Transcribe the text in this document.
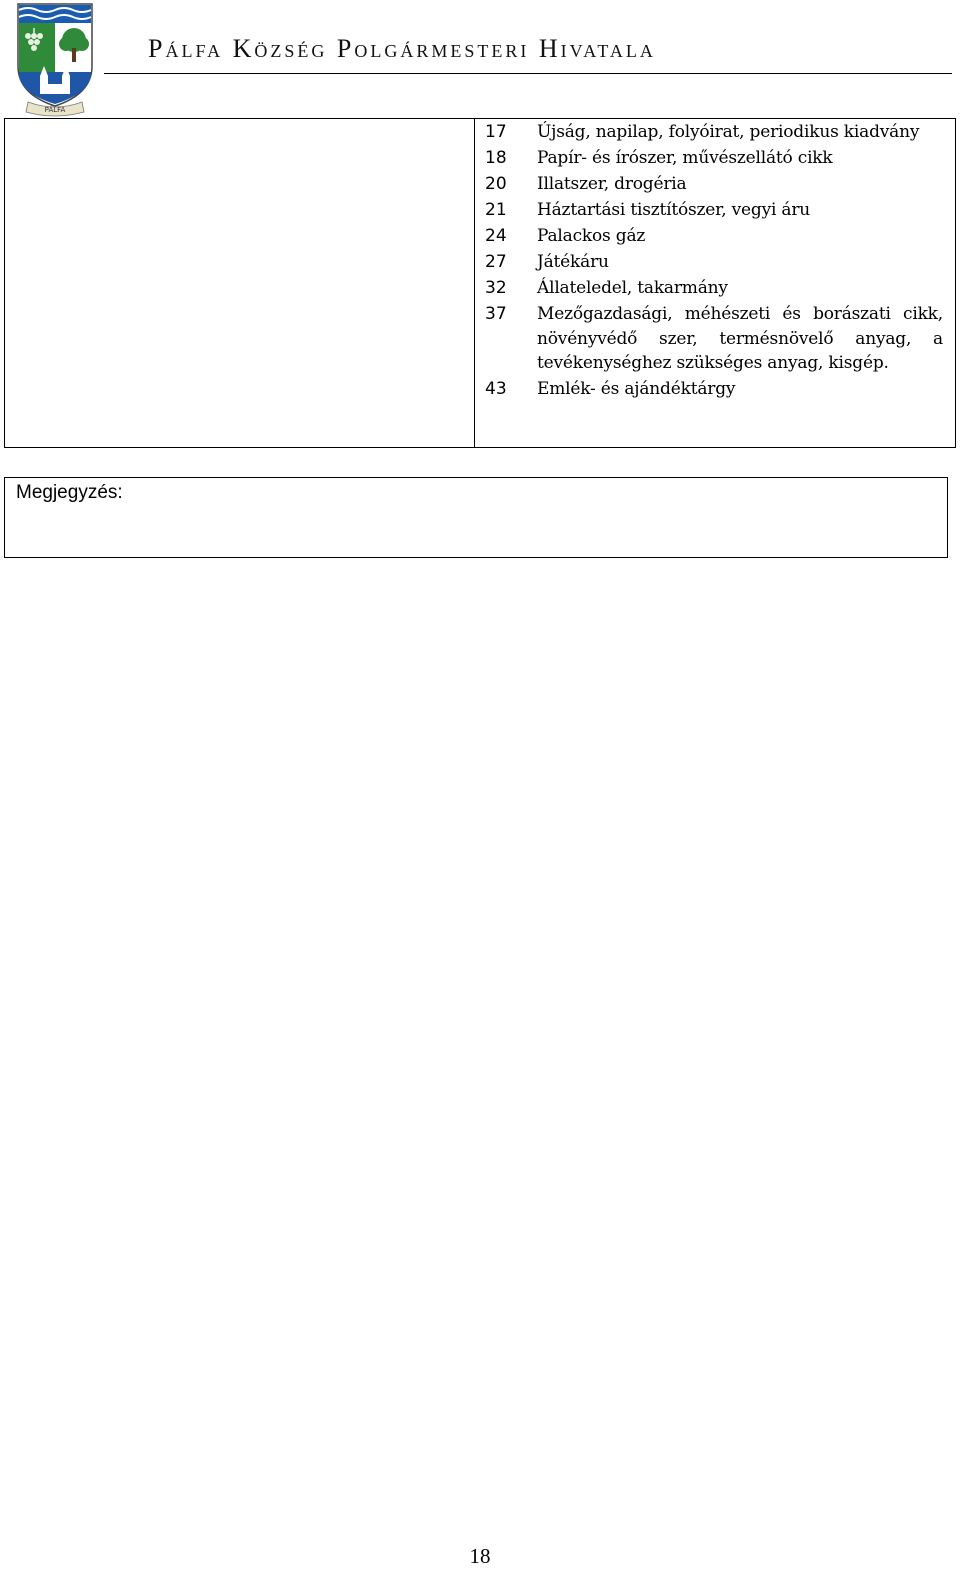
PÁLFA
Pálfa Község Polgármesteri Hivatala
17	Újság, napilap, folyóirat, periodikus kiadvány
18	Papír- és írószer, művészellátó cikk
20	Illatszer, drogéria
21	Háztartási tisztítószer, vegyi áru
24	Palackos gáz
27	Játékáru
32	Állateledel, takarmány
37	Mezőgazdasági, méhészeti és borászati cikk, növényvédő szer, termésnövelő anyag, a tevékenységhez szükséges anyag, kisgép.
43	Emlék- és ajándéktárgy
Megjegyzés:
18
